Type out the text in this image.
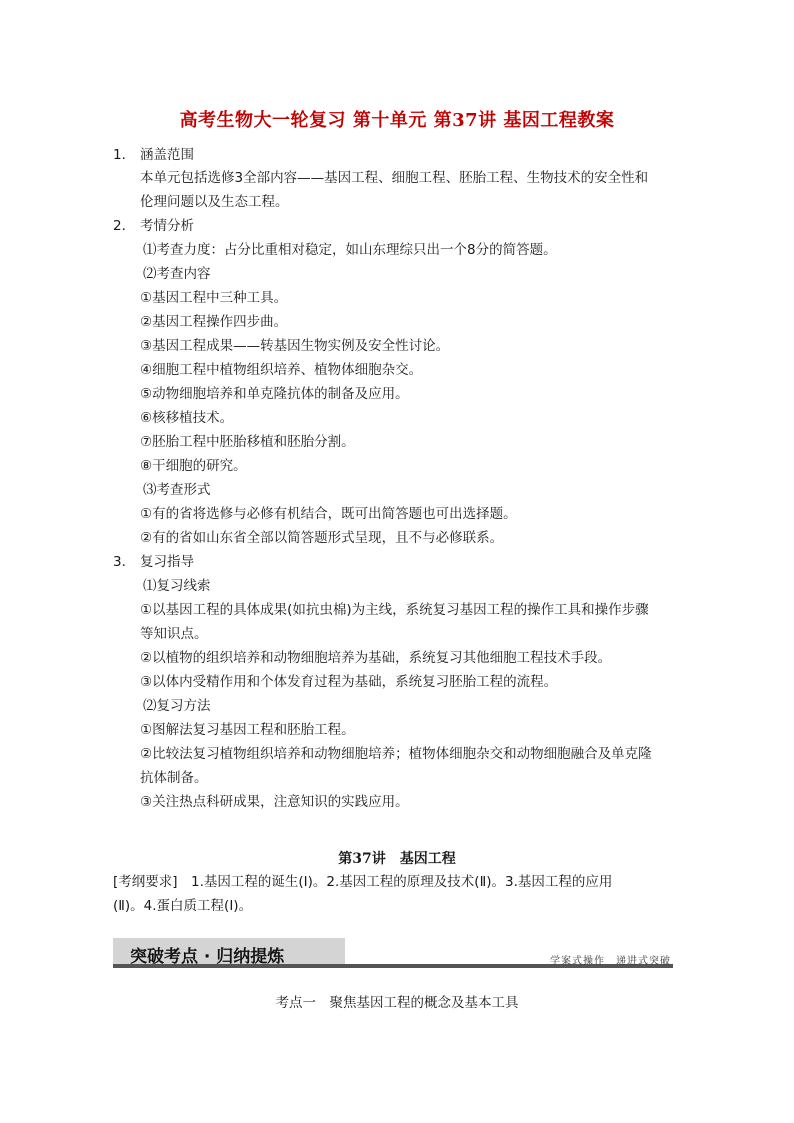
高考生物大一轮复习 第十单元 第37讲 基因工程教案
1． 涵盖范围
本单元包括选修3全部内容——基因工程、细胞工程、胚胎工程、生物技术的安全性和
伦理问题以及生态工程。
2． 考情分析
⑴考查力度：占分比重相对稳定，如山东理综只出一个8分的简答题。
⑵考查内容
①基因工程中三种工具。
②基因工程操作四步曲。
③基因工程成果——转基因生物实例及安全性讨论。
④细胞工程中植物组织培养、植物体细胞杂交。
⑤动物细胞培养和单克隆抗体的制备及应用。
⑥核移植技术。
⑦胚胎工程中胚胎移植和胚胎分割。
⑧干细胞的研究。
⑶考查形式
①有的省将选修与必修有机结合，既可出简答题也可出选择题。
②有的省如山东省全部以简答题形式呈现，且不与必修联系。
3． 复习指导
⑴复习线索
①以基因工程的具体成果(如抗虫棉)为主线，系统复习基因工程的操作工具和操作步骤
等知识点。
②以植物的组织培养和动物细胞培养为基础，系统复习其他细胞工程技术手段。
③以体内受精作用和个体发育过程为基础，系统复习胚胎工程的流程。
⑵复习方法
①图解法复习基因工程和胚胎工程。
②比较法复习植物组织培养和动物细胞培养；植物体细胞杂交和动物细胞融合及单克隆
抗体制备。
③关注热点科研成果，注意知识的实践应用。
第37讲　基因工程
[考纲要求]　1.基因工程的诞生(Ⅰ)。2.基因工程的原理及技术(Ⅱ)。3.基因工程的应用
(Ⅱ)。4.蛋白质工程(Ⅰ)。
突破考点 · 归纳提炼	学案式操作　递进式突破
考点一　聚焦基因工程的概念及基本工具
